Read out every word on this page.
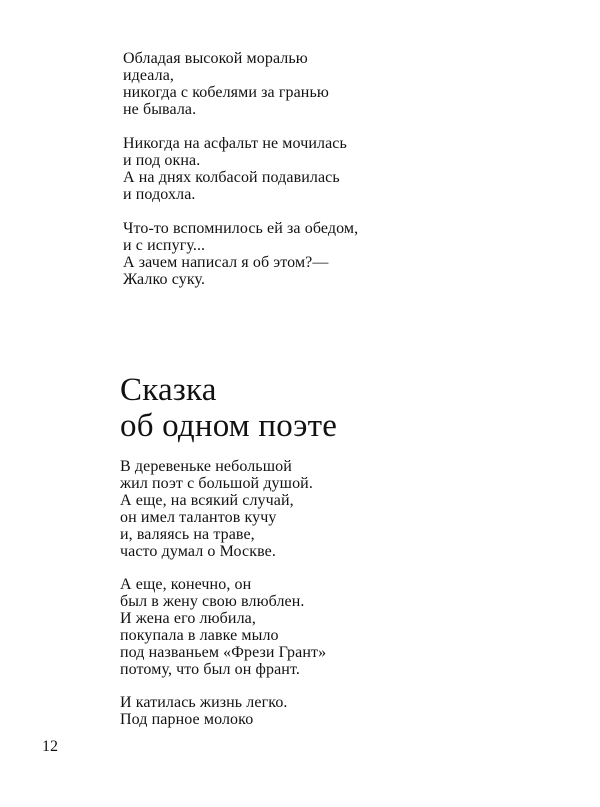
Обладая высокой моралью
идеала,
никогда с кобелями за гранью
не бывала.
Никогда на асфальт не мочилась
и под окна.
А на днях колбасой подавилась
и подохла.
Что-то вспомнилось ей за обедом,
и с испугу...
А зачем написал я об этом?—
Жалко суку.
Сказка
об одном поэте
В деревеньке небольшой
жил поэт с большой душой.
А еще, на всякий случай,
он имел талантов кучу
и, валяясь на траве,
часто думал о Москве.
А еще, конечно, он
был в жену свою влюблен.
И жена его любила,
покупала в лавке мыло
под названьем «Фрези Грант»
потому, что был он франт.
И катилась жизнь легко.
Под парное молоко
12
